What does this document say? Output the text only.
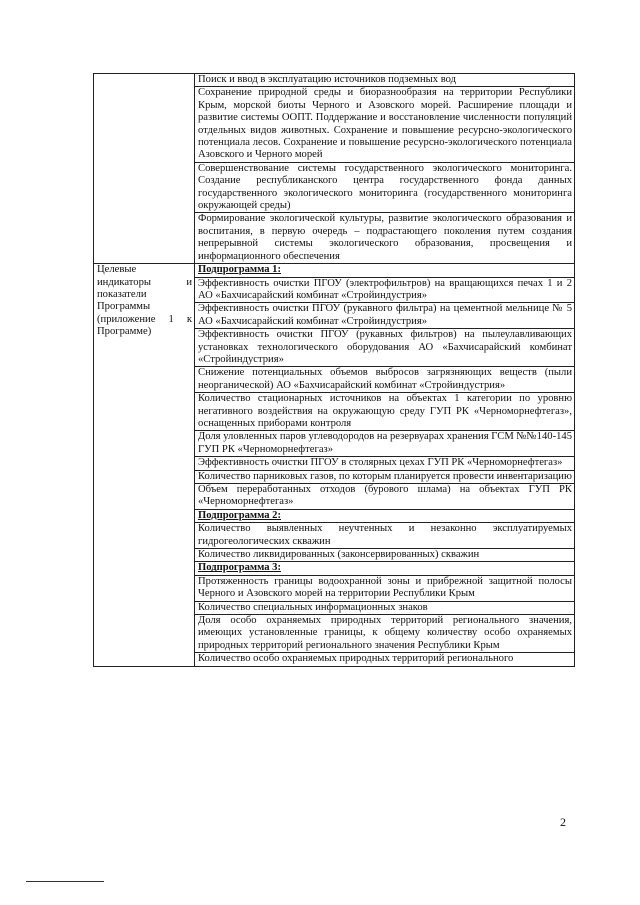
	Поиск и ввод в эксплуатацию источников подземных вод

	Сохранение природной среды и биоразнообразия на территории Республики Крым, морской биоты Черного и Азовского морей. Расширение площади и развитие системы ООПТ. Поддержание и восстановление численности популяций отдельных видов животных. Сохранение и повышение ресурсно-экологического потенциала лесов. Сохранение и повышение ресурсно-экологического потенциала Азовского и Черного морей

	Совершенствование системы государственного экологического мониторинга. Создание республиканского центра государственного фонда данных государственного экологического мониторинга (государственного мониторинга окружающей среды)

	Формирование экологической культуры, развитие экологического образования и воспитания, в первую очередь – подрастающего поколения путем создания непрерывной системы экологического образования, просвещения и информационного обеспечения

Целевые индикаторы и показатели Программы (приложение 1 к Программе)	Подпрограмма 1:

	Эффективность очистки ПГОУ (электрофильтров) на вращающихся печах 1 и 2 АО «Бахчисарайский комбинат «Стройиндустрия»

	Эффективность очистки ПГОУ (рукавного фильтра) на цементной мельнице № 5 АО «Бахчисарайский комбинат «Стройиндустрия»

	Эффективность очистки ПГОУ (рукавных фильтров) на пылеулавливающих установках технологического оборудования АО «Бахчисарайский комбинат «Стройиндустрия»

	Снижение потенциальных объемов выбросов загрязняющих веществ (пыли неорганической) АО «Бахчисарайский комбинат «Стройиндустрия»

	Количество стационарных источников на объектах 1 категории по уровню негативного воздействия на окружающую среду ГУП РК «Черноморнефтегаз», оснащенных приборами контроля

	Доля уловленных паров углеводородов на резервуарах хранения ГСМ №№140-145 ГУП РК «Черноморнефтегаз»

	Эффективность очистки ПГОУ в столярных цехах ГУП РК «Черноморнефтегаз»

	Количество парниковых газов, по которым планируется провести инвентаризацию

	Объем переработанных отходов (бурового шлама) на объектах ГУП РК «Черноморнефтегаз»

	Подпрограмма 2:

	Количество выявленных неучтенных и незаконно эксплуатируемых гидрогеологических скважин

	Количество ликвидированных (законсервированных) скважин

	Подпрограмма 3:

	Протяженность границы водоохранной зоны и прибрежной защитной полосы Черного и Азовского морей на территории Республики Крым

	Количество специальных информационных знаков

	Доля особо охраняемых природных территорий регионального значения, имеющих установленные границы, к общему количеству особо охраняемых природных территорий регионального значения Республики Крым

	Количество особо охраняемых природных территорий регионального
2
